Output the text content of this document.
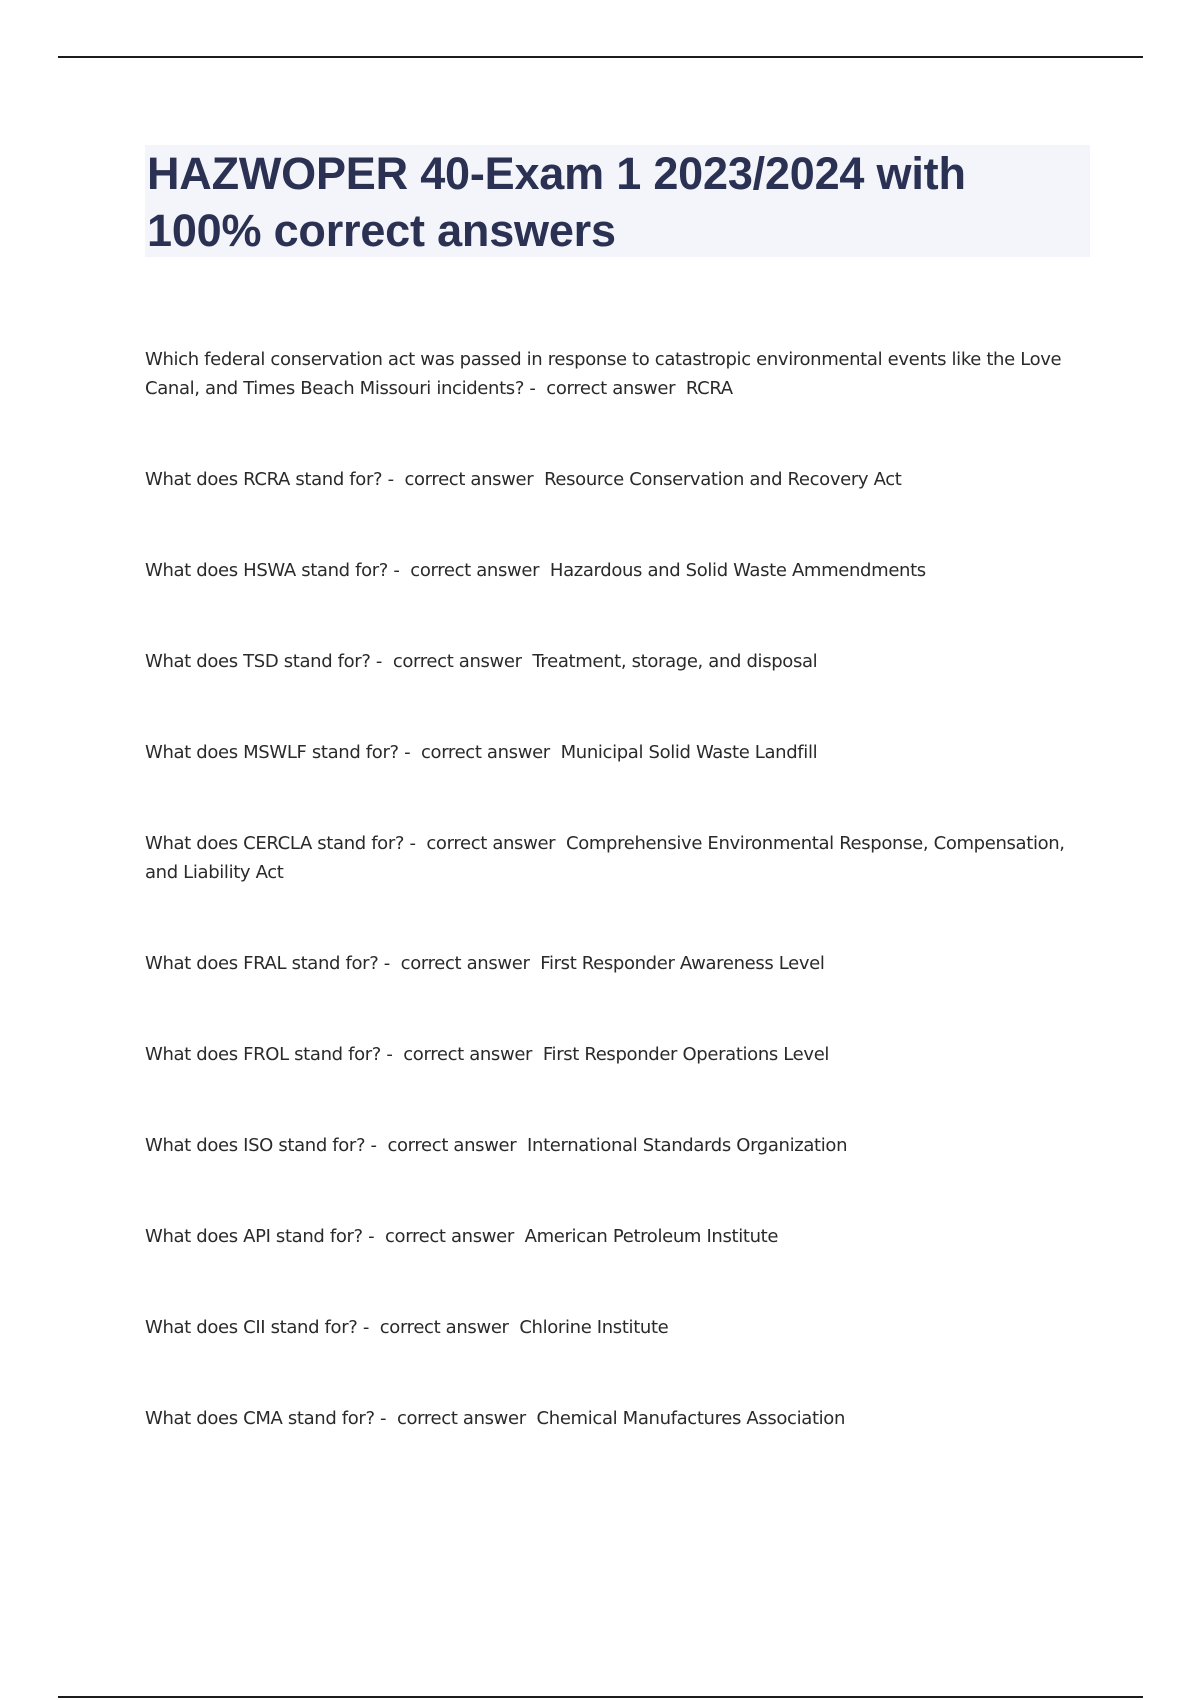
HAZWOPER 40-Exam 1 2023/2024 with 100% correct answers

Which federal conservation act was passed in response to catastropic environmental events like the Love Canal, and Times Beach Missouri incidents? -  correct answer  RCRA

What does RCRA stand for? -  correct answer  Resource Conservation and Recovery Act

What does HSWA stand for? -  correct answer  Hazardous and Solid Waste Ammendments

What does TSD stand for? -  correct answer  Treatment, storage, and disposal

What does MSWLF stand for? -  correct answer  Municipal Solid Waste Landfill

What does CERCLA stand for? -  correct answer  Comprehensive Environmental Response, Compensation, and Liability Act

What does FRAL stand for? -  correct answer  First Responder Awareness Level

What does FROL stand for? -  correct answer  First Responder Operations Level

What does ISO stand for? -  correct answer  International Standards Organization

What does API stand for? -  correct answer  American Petroleum Institute

What does CII stand for? -  correct answer  Chlorine Institute

What does CMA stand for? -  correct answer  Chemical Manufactures Association
